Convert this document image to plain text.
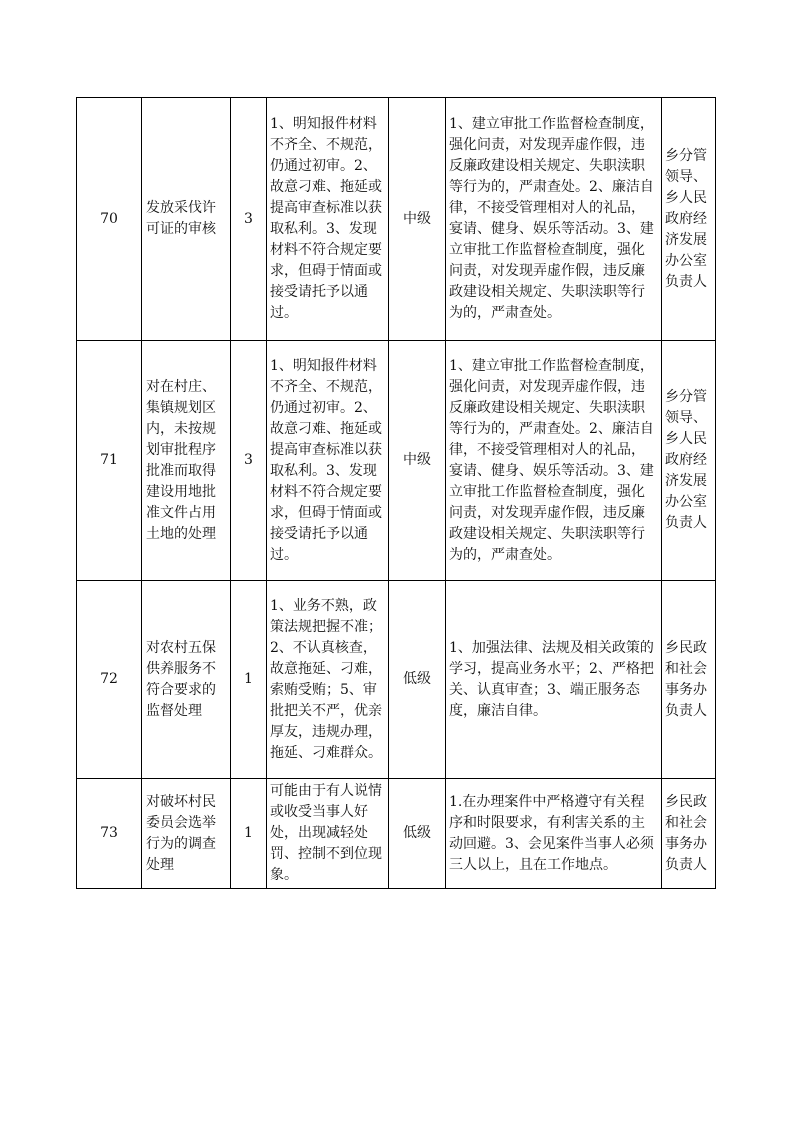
70	发放采伐许可证的审核	3	1、明知报件材料不齐全、不规范，仍通过初审。2、故意刁难、拖延或提高审查标准以获取私利。3、发现材料不符合规定要求，但碍于情面或接受请托予以通过。	中级	1、建立审批工作监督检查制度，强化问责，对发现弄虚作假，违反廉政建设相关规定、失职渎职等行为的，严肃查处。2、廉洁自律，不接受管理相对人的礼品，宴请、健身、娱乐等活动。3、建立审批工作监督检查制度，强化问责，对发现弄虚作假，违反廉政建设相关规定、失职渎职等行为的，严肃查处。	乡分管领导、乡人民政府经济发展办公室负责人

71	对在村庄、集镇规划区内，未按规划审批程序批准而取得建设用地批准文件占用土地的处理	3	1、明知报件材料不齐全、不规范，仍通过初审。2、故意刁难、拖延或提高审查标准以获取私利。3、发现材料不符合规定要求，但碍于情面或接受请托予以通过。	中级	1、建立审批工作监督检查制度，强化问责，对发现弄虚作假，违反廉政建设相关规定、失职渎职等行为的，严肃查处。2、廉洁自律，不接受管理相对人的礼品，宴请、健身、娱乐等活动。3、建立审批工作监督检查制度，强化问责，对发现弄虚作假，违反廉政建设相关规定、失职渎职等行为的，严肃查处。	乡分管领导、乡人民政府经济发展办公室负责人

72	对农村五保供养服务不符合要求的监督处理	1	1、业务不熟，政策法规把握不准；2、不认真核查，故意拖延、刁难，索贿受贿；5、审批把关不严，优亲厚友，违规办理，拖延、刁难群众。	低级	1、加强法律、法规及相关政策的学习，提高业务水平；2、严格把关、认真审查；3、端正服务态度，廉洁自律。	乡民政和社会事务办负责人

73	对破坏村民委员会选举行为的调查处理	1	可能由于有人说情或收受当事人好处，出现减轻处罚、控制不到位现象。	低级	1.在办理案件中严格遵守有关程序和时限要求，有利害关系的主动回避。3、会见案件当事人必须三人以上，且在工作地点。	乡民政和社会事务办负责人
